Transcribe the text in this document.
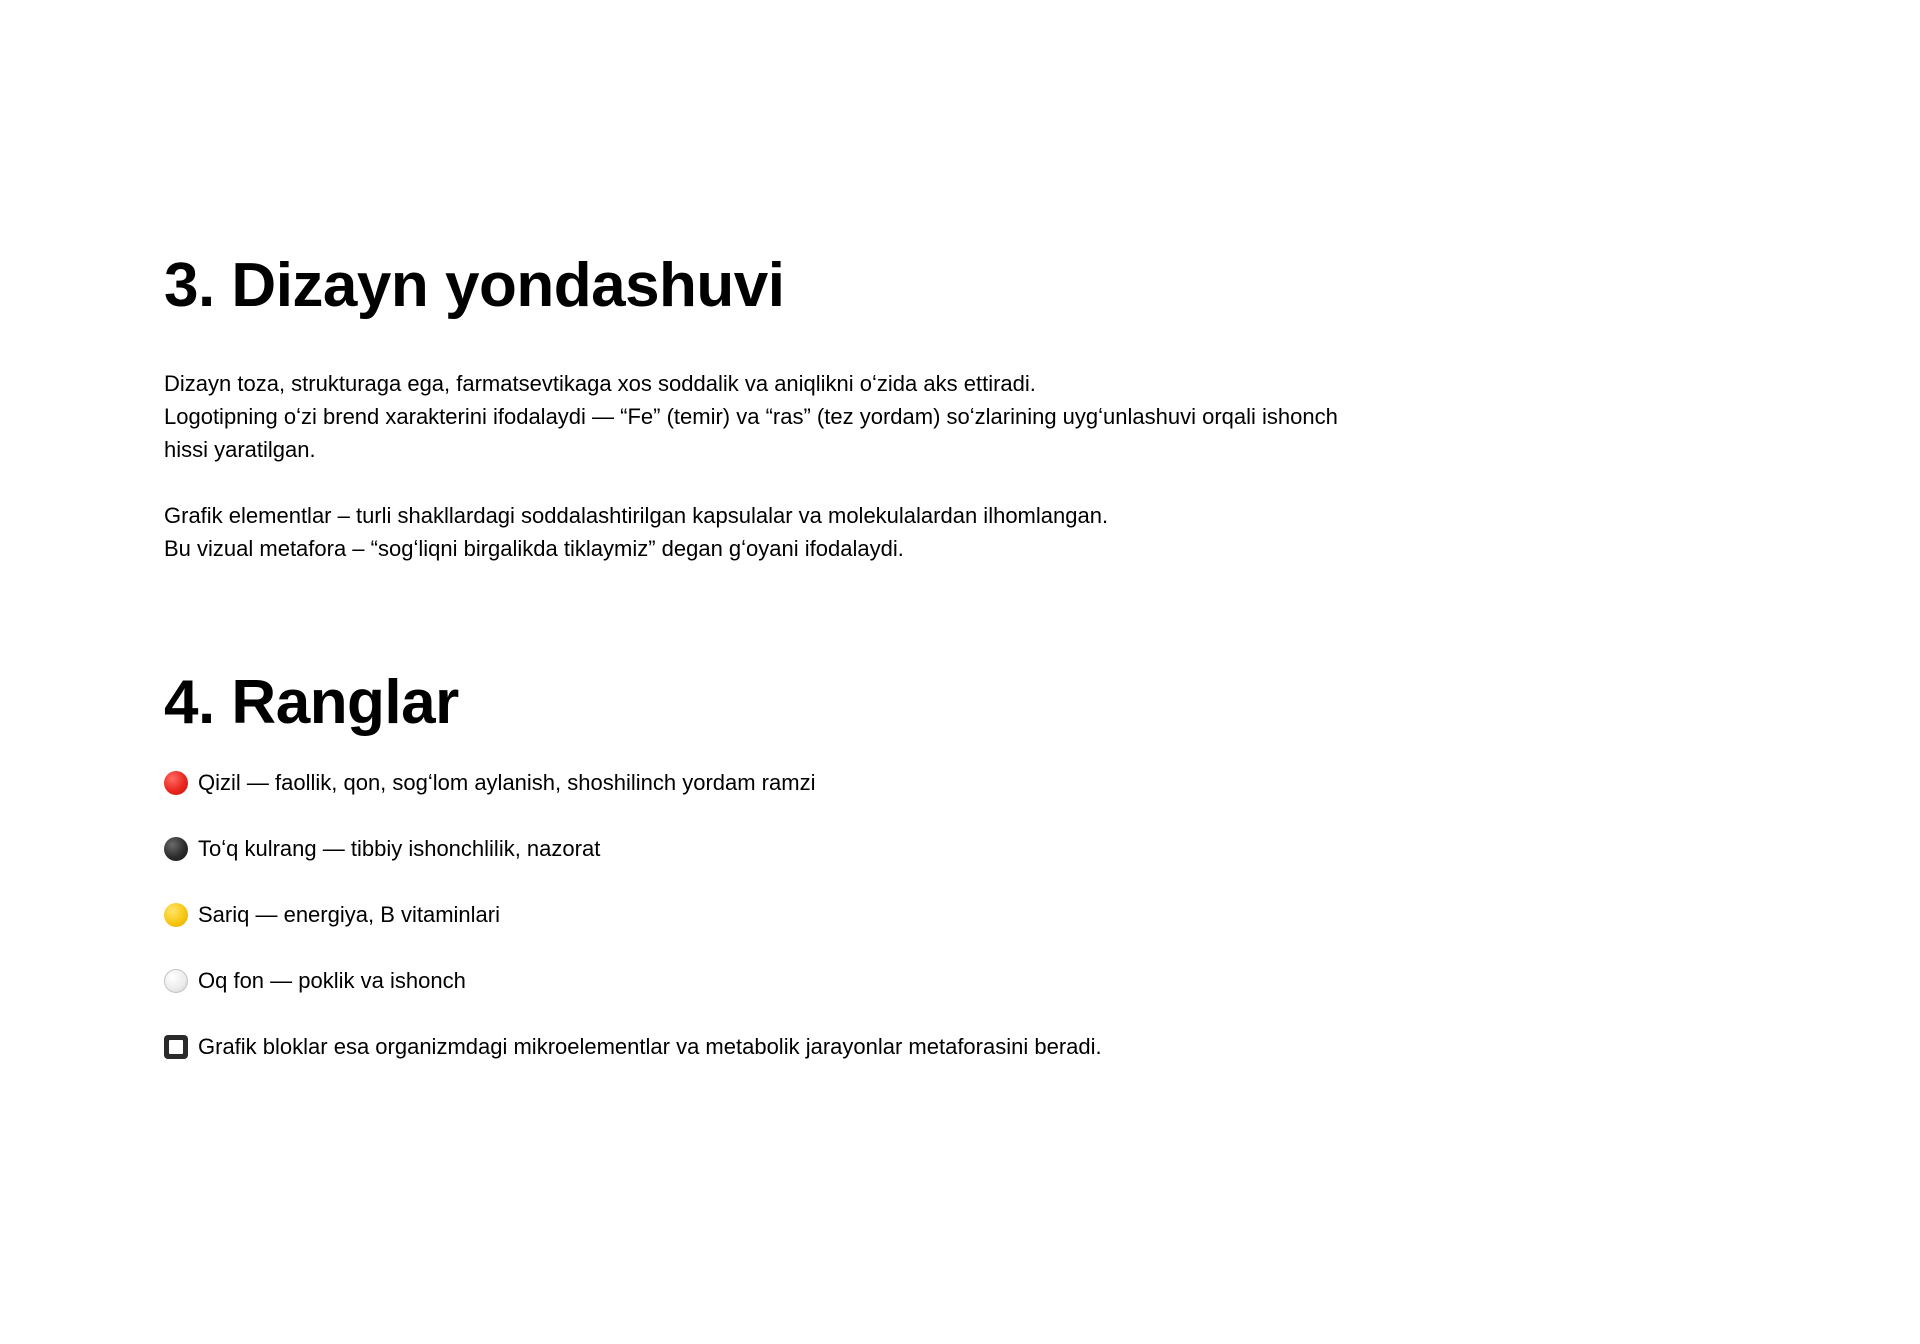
3. Dizayn yondashuvi

Dizayn toza, strukturaga ega, farmatsevtikaga xos soddalik va aniqlikni oʻzida aks ettiradi.

Logotipning oʻzi brend xarakterini ifodalaydi — “Fe” (temir) va “ras” (tez yordam) soʻzlarining uygʻunlashuvi orqali ishonch

hissi yaratilgan.

Grafik elementlar – turli shakllardagi soddalashtirilgan kapsulalar va molekulalardan ilhomlangan.

Bu vizual metafora – “sogʻliqni birgalikda tiklaymiz” degan gʻoyani ifodalaydi.

4. Ranglar
Qizil — faollik, qon, sogʻlom aylanish, shoshilinch yordam ramzi
Toʻq kulrang — tibbiy ishonchlilik, nazorat
Sariq — energiya, B vitaminlari
Oq fon — poklik va ishonch
Grafik bloklar esa organizmdagi mikroelementlar va metabolik jarayonlar metaforasini beradi.
